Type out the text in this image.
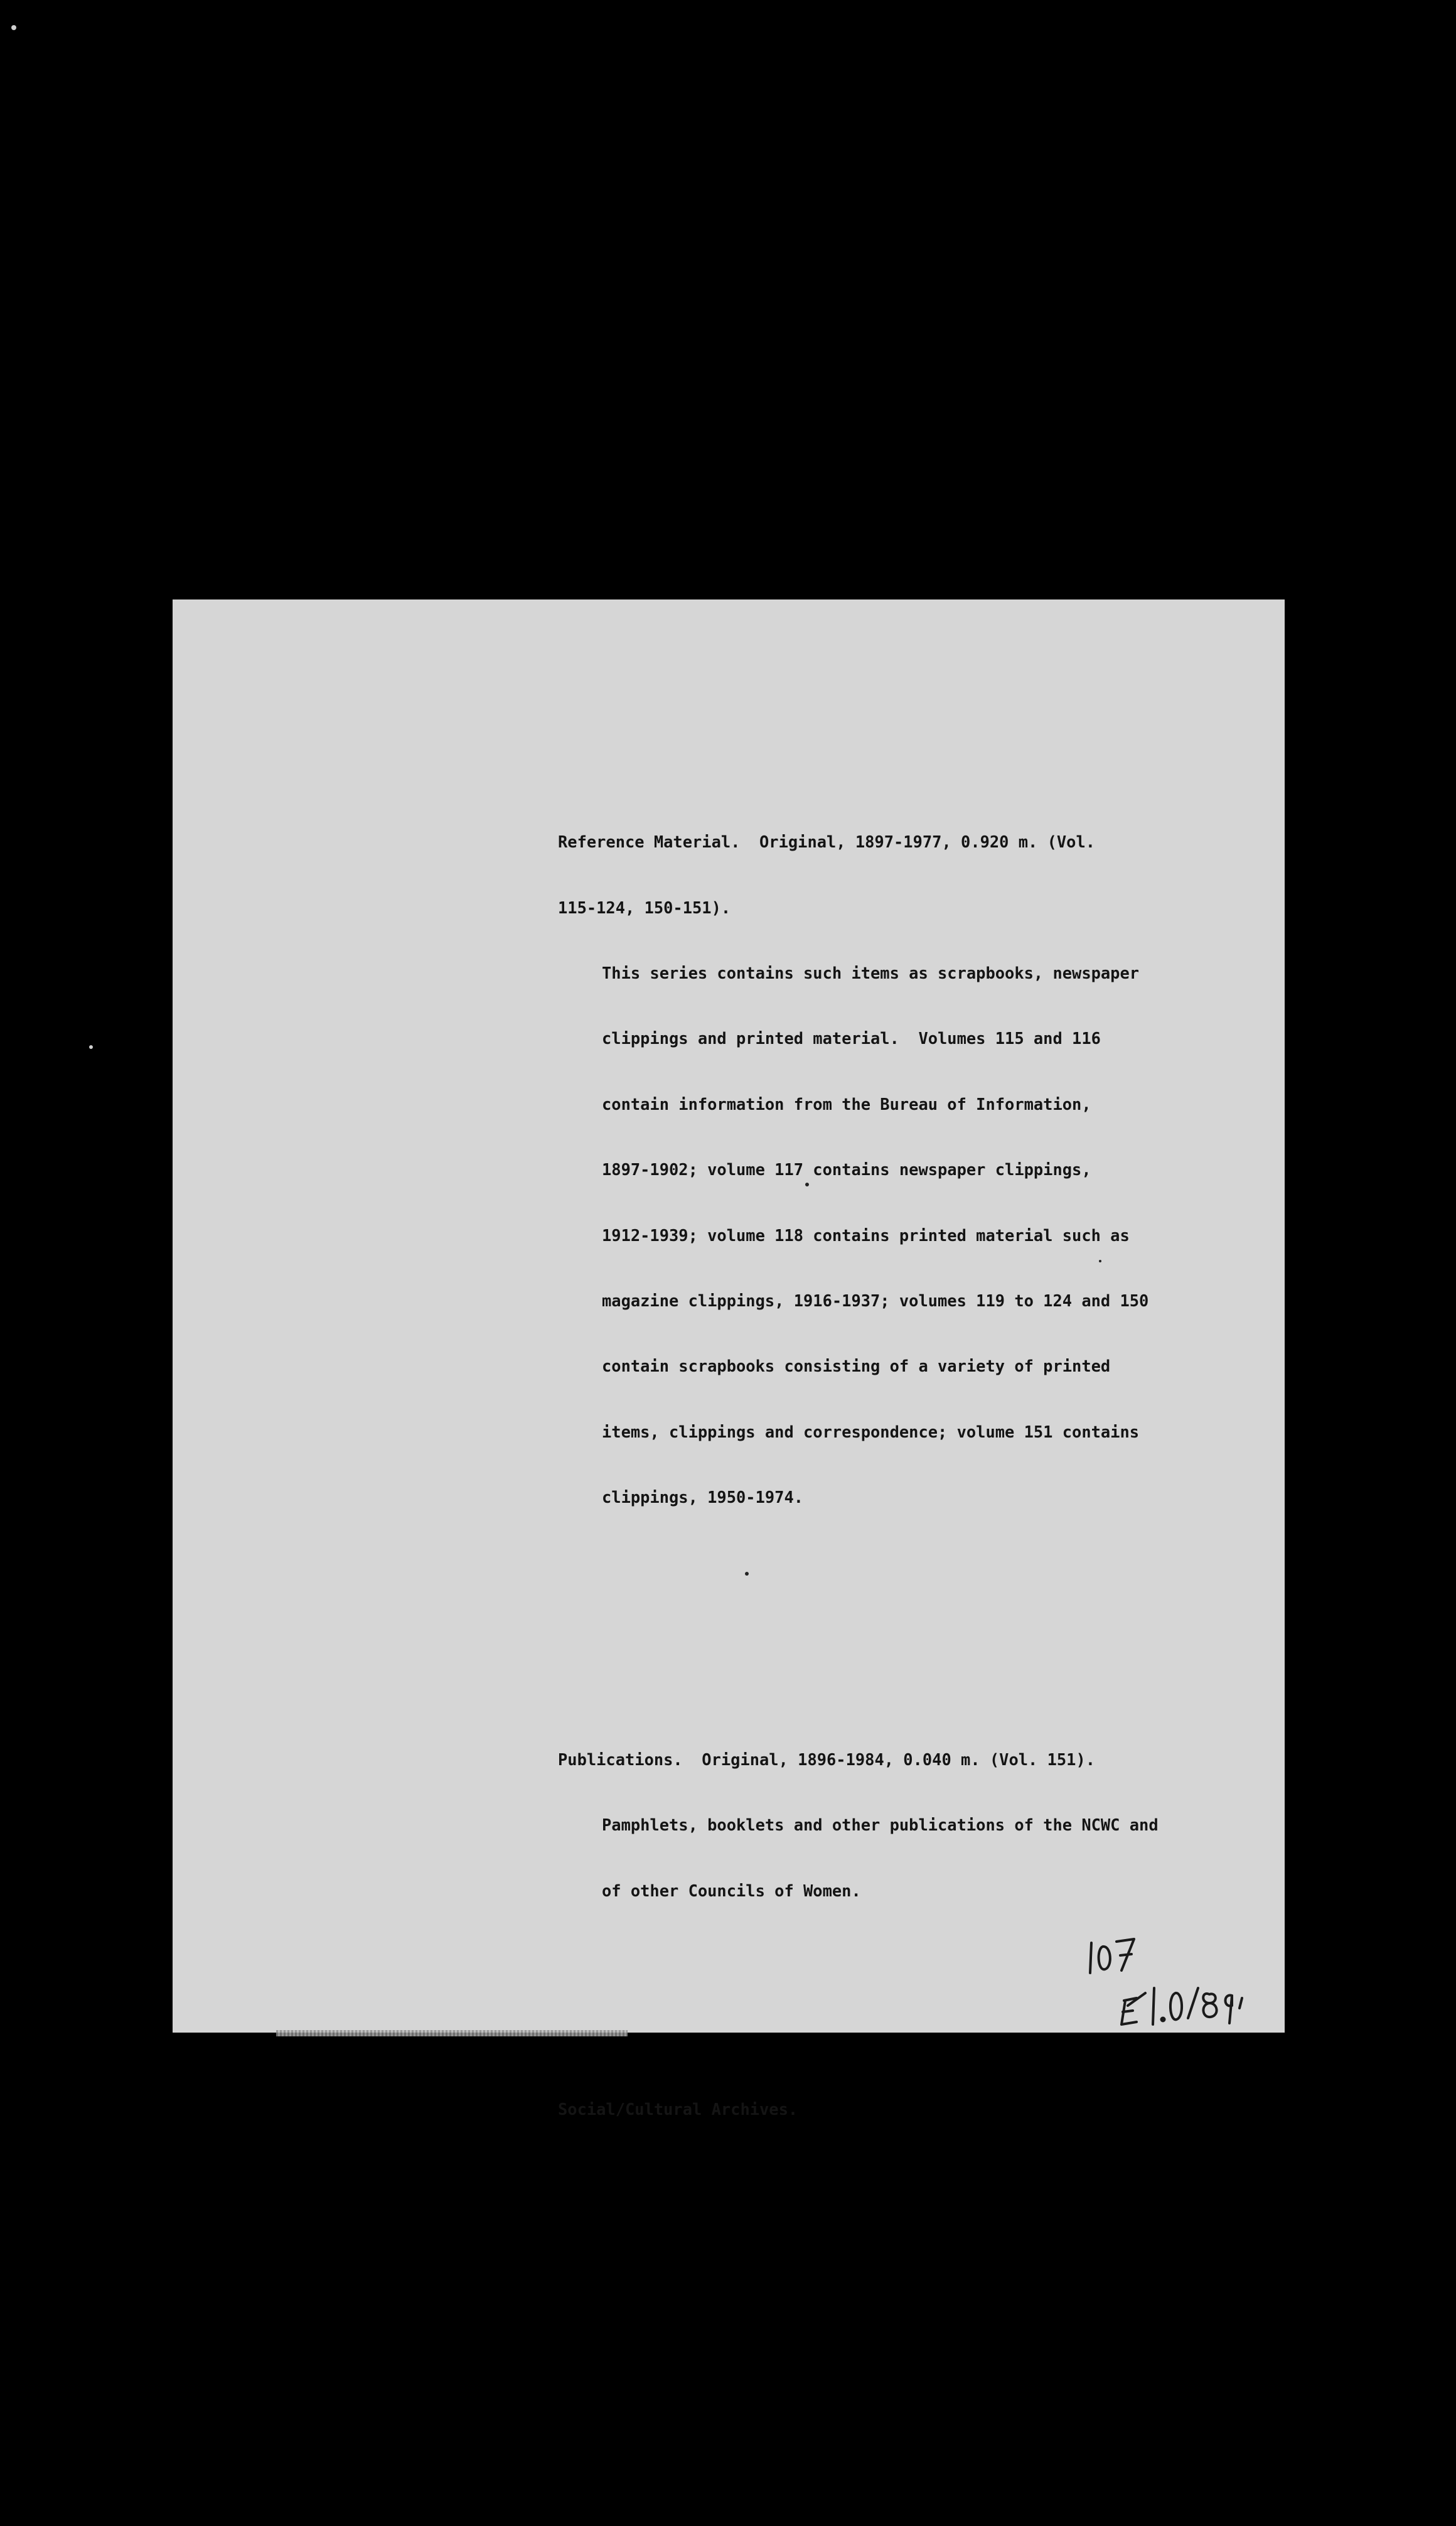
Reference Material.  Original, 1897-1977, 0.920 m. (Vol.

115-124, 150-151).

This series contains such items as scrapbooks, newspaper

clippings and printed material.  Volumes 115 and 116

contain information from the Bureau of Information,

1897-1902; volume 117 contains newspaper clippings,

1912-1939; volume 118 contains printed material such as

magazine clippings, 1916-1937; volumes 119 to 124 and 150

contain scrapbooks consisting of a variety of printed

items, clippings and correspondence; volume 151 contains

clippings, 1950-1974.

Publications.  Original, 1896-1984, 0.040 m. (Vol. 151).

Pamphlets, booklets and other publications of the NCWC and

of other Councils of Women.

Social/Cultural Archives.
